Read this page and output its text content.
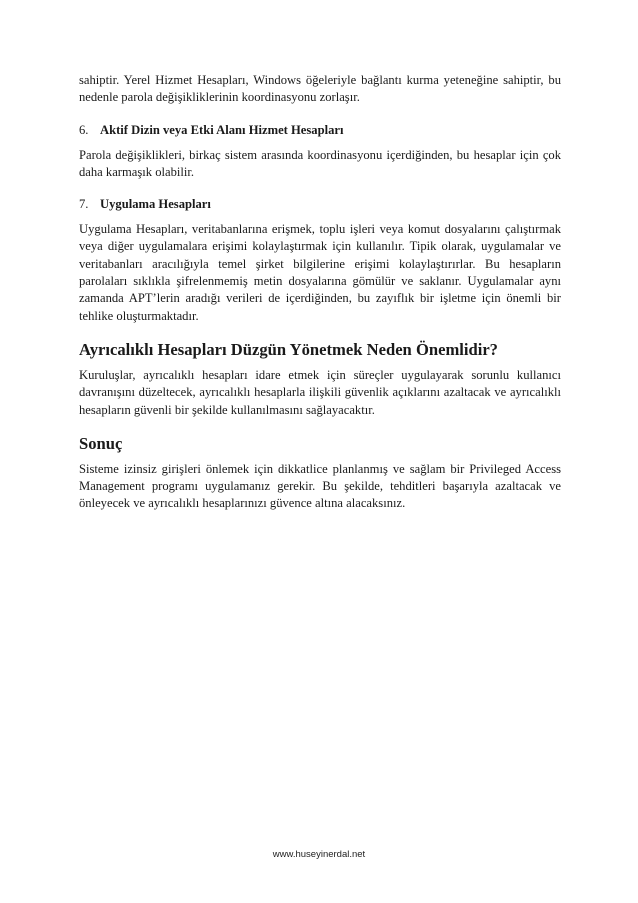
sahiptir. Yerel Hizmet Hesapları, Windows öğeleriyle bağlantı kurma yeteneğine sahiptir, bu nedenle parola değişikliklerinin koordinasyonu zorlaşır.

6. Aktif Dizin veya Etki Alanı Hizmet Hesapları

Parola değişiklikleri, birkaç sistem arasında koordinasyonu içerdiğinden, bu hesaplar için çok daha karmaşık olabilir.

7. Uygulama Hesapları

Uygulama Hesapları, veritabanlarına erişmek, toplu işleri veya komut dosyalarını çalıştırmak veya diğer uygulamalara erişimi kolaylaştırmak için kullanılır. Tipik olarak, uygulamalar ve veritabanları aracılığıyla temel şirket bilgilerine erişimi kolaylaştırırlar. Bu hesapların parolaları sıklıkla şifrelenmemiş metin dosyalarına gömülür ve saklanır. Uygulamalar aynı zamanda APT’lerin aradığı verileri de içerdiğinden, bu zayıflık bir işletme için önemli bir tehlike oluşturmaktadır.

Ayrıcalıklı Hesapları Düzgün Yönetmek Neden Önemlidir?

Kuruluşlar, ayrıcalıklı hesapları idare etmek için süreçler uygulayarak sorunlu kullanıcı davranışını düzeltecek, ayrıcalıklı hesaplarla ilişkili güvenlik açıklarını azaltacak ve ayrıcalıklı hesapların güvenli bir şekilde kullanılmasını sağlayacaktır.

Sonuç

Sisteme izinsiz girişleri önlemek için dikkatlice planlanmış ve sağlam bir Privileged Access Management programı uygulamanız gerekir. Bu şekilde, tehditleri başarıyla azaltacak ve önleyecek ve ayrıcalıklı hesaplarınızı güvence altına alacaksınız.

www.huseyinerdal.net
